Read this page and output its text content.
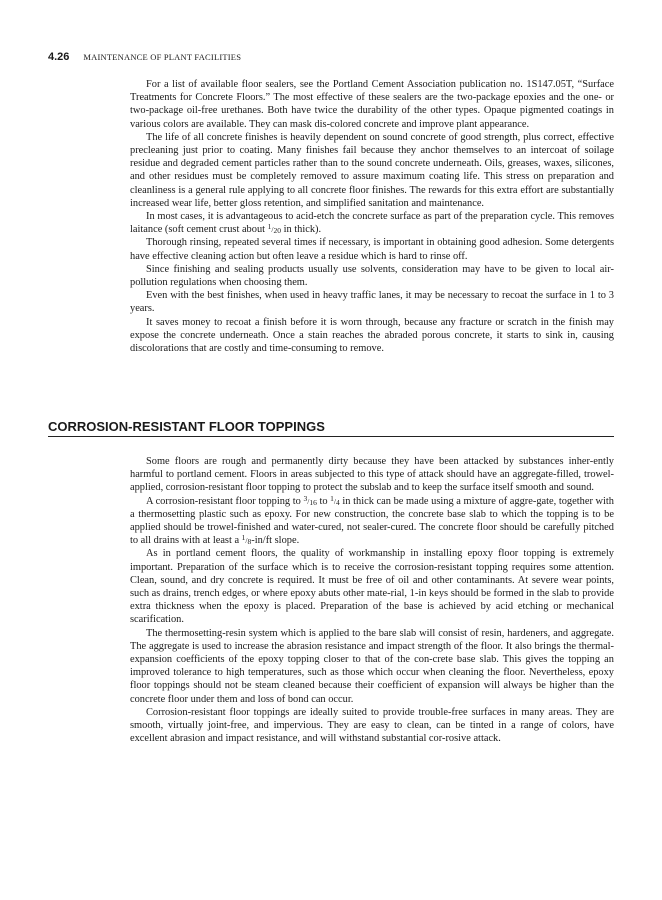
4.26 MAINTENANCE OF PLANT FACILITIES

For a list of available floor sealers, see the Portland Cement Association publication no. 1S147.05T, “Surface Treatments for Concrete Floors.” The most effective of these sealers are the two-package epoxies and the one- or two-package oil-free urethanes. Both have twice the durability of the other types. Opaque pigmented coatings in various colors are available. They can mask dis-colored concrete and improve plant appearance.

The life of all concrete finishes is heavily dependent on sound concrete of good strength, plus correct, effective precleaning just prior to coating. Many finishes fail because they anchor themselves to an intercoat of soilage residue and degraded cement particles rather than to the sound concrete underneath. Oils, greases, waxes, silicones, and other residues must be completely removed to assure maximum coating life. This stress on preparation and cleanliness is a general rule applying to all concrete floor finishes. The rewards for this extra effort are substantially increased wear life, better gloss retention, and simplified sanitation and maintenance.

In most cases, it is advantageous to acid-etch the concrete surface as part of the preparation cycle. This removes laitance (soft cement crust about 1/20 in thick).

Thorough rinsing, repeated several times if necessary, is important in obtaining good adhesion. Some detergents have effective cleaning action but often leave a residue which is hard to rinse off.

Since finishing and sealing products usually use solvents, consideration may have to be given to local air-pollution regulations when choosing them.

Even with the best finishes, when used in heavy traffic lanes, it may be necessary to recoat the surface in 1 to 3 years.

It saves money to recoat a finish before it is worn through, because any fracture or scratch in the finish may expose the concrete underneath. Once a stain reaches the abraded porous concrete, it starts to sink in, causing discolorations that are costly and time-consuming to remove.

CORROSION-RESISTANT FLOOR TOPPINGS

Some floors are rough and permanently dirty because they have been attacked by substances inher-ently harmful to portland cement. Floors in areas subjected to this type of attack should have an aggregate-filled, trowel-applied, corrosion-resistant floor topping to protect the subslab and to keep the surface itself smooth and sound.

A corrosion-resistant floor topping to 3/16 to 1/4 in thick can be made using a mixture of aggre-gate, together with a thermosetting plastic such as epoxy. For new construction, the concrete base slab to which the topping is to be applied should be trowel-finished and water-cured, not sealer-cured. The concrete floor should be carefully pitched to all drains with at least a 1/8-in/ft slope.

As in portland cement floors, the quality of workmanship in installing epoxy floor topping is extremely important. Preparation of the surface which is to receive the corrosion-resistant topping requires some attention. Clean, sound, and dry concrete is required. It must be free of oil and other contaminants. At severe wear points, such as drains, trench edges, or where epoxy abuts other mate-rial, 1-in keys should be formed in the slab to provide extra thickness when the epoxy is placed. Preparation of the base is achieved by acid etching or mechanical scarification.

The thermosetting-resin system which is applied to the bare slab will consist of resin, hardeners, and aggregate. The aggregate is used to increase the abrasion resistance and impact strength of the floor. It also brings the thermal-expansion coefficients of the epoxy topping closer to that of the con-crete base slab. This gives the topping an improved tolerance to high temperatures, such as those which occur when cleaning the floor. Nevertheless, epoxy floor toppings should not be steam cleaned because their coefficient of expansion will always be higher than the concrete floor under them and loss of bond can occur.

Corrosion-resistant floor toppings are ideally suited to provide trouble-free surfaces in many areas. They are smooth, virtually joint-free, and impervious. They are easy to clean, can be tinted in a range of colors, have excellent abrasion and impact resistance, and will withstand substantial cor-rosive attack.
